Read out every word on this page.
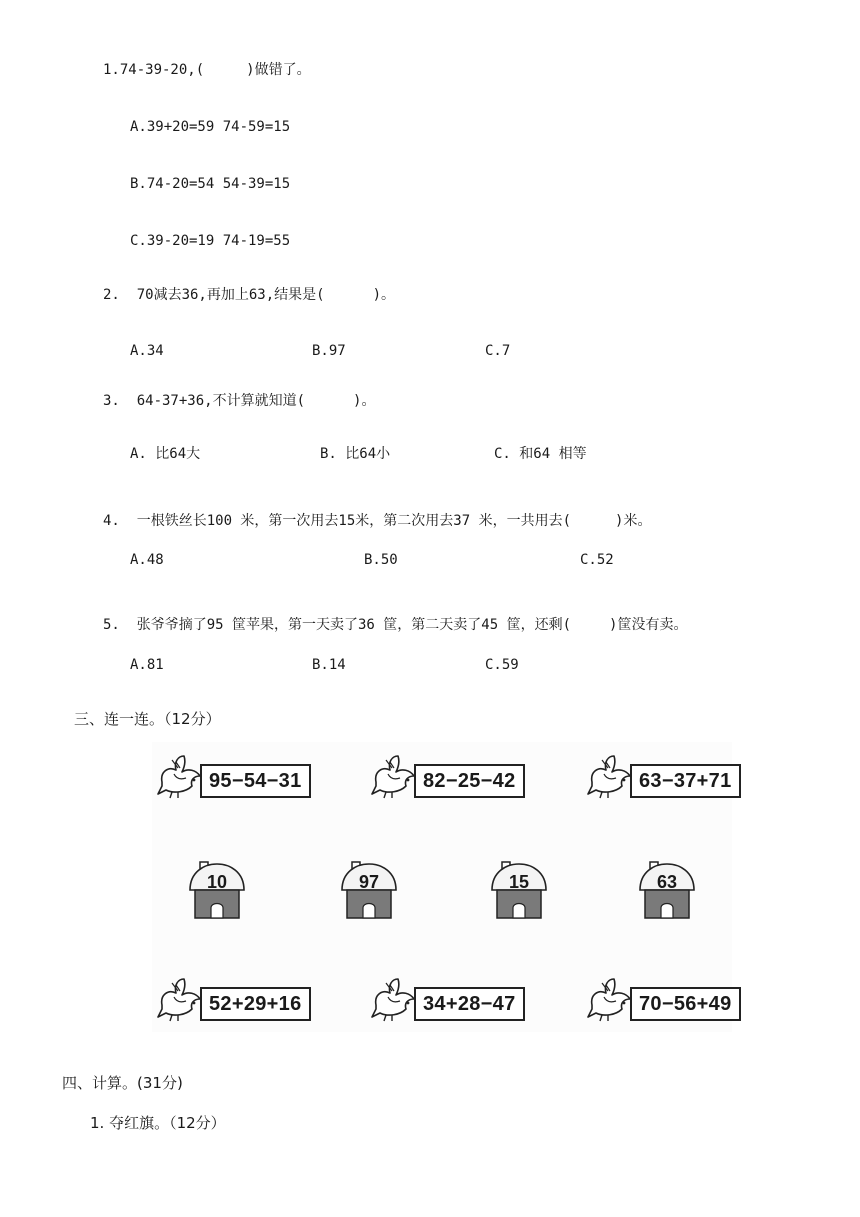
1.74-39-20,(	)做错了。
A.39+20=59 74-59=15
B.74-20=54 54-39=15
C.39-20=19 74-19=55
2. 70减去36,再加上63,结果是(	)。
A.34	B.97	C.7
3. 64-37+36,不计算就知道(	)。
A. 比64大	B. 比64小	C. 和64 相等
4. 一根铁丝长100 米，第一次用去15米，第二次用去37 米，一共用去(	)米。
A.48	B.50	C.52
5. 张爷爷摘了95 筐苹果，第一天卖了36 筐，第二天卖了45 筐，还剩(	)筐没有卖。
A.81	B.14	C.59
三、连一连。（12分）
95−54−31	82−25−42	63−37+71
10	97	15	63
52+29+16	34+28−47	70−56+49
四、计算。(31分)
1. 夺红旗。（12分）
